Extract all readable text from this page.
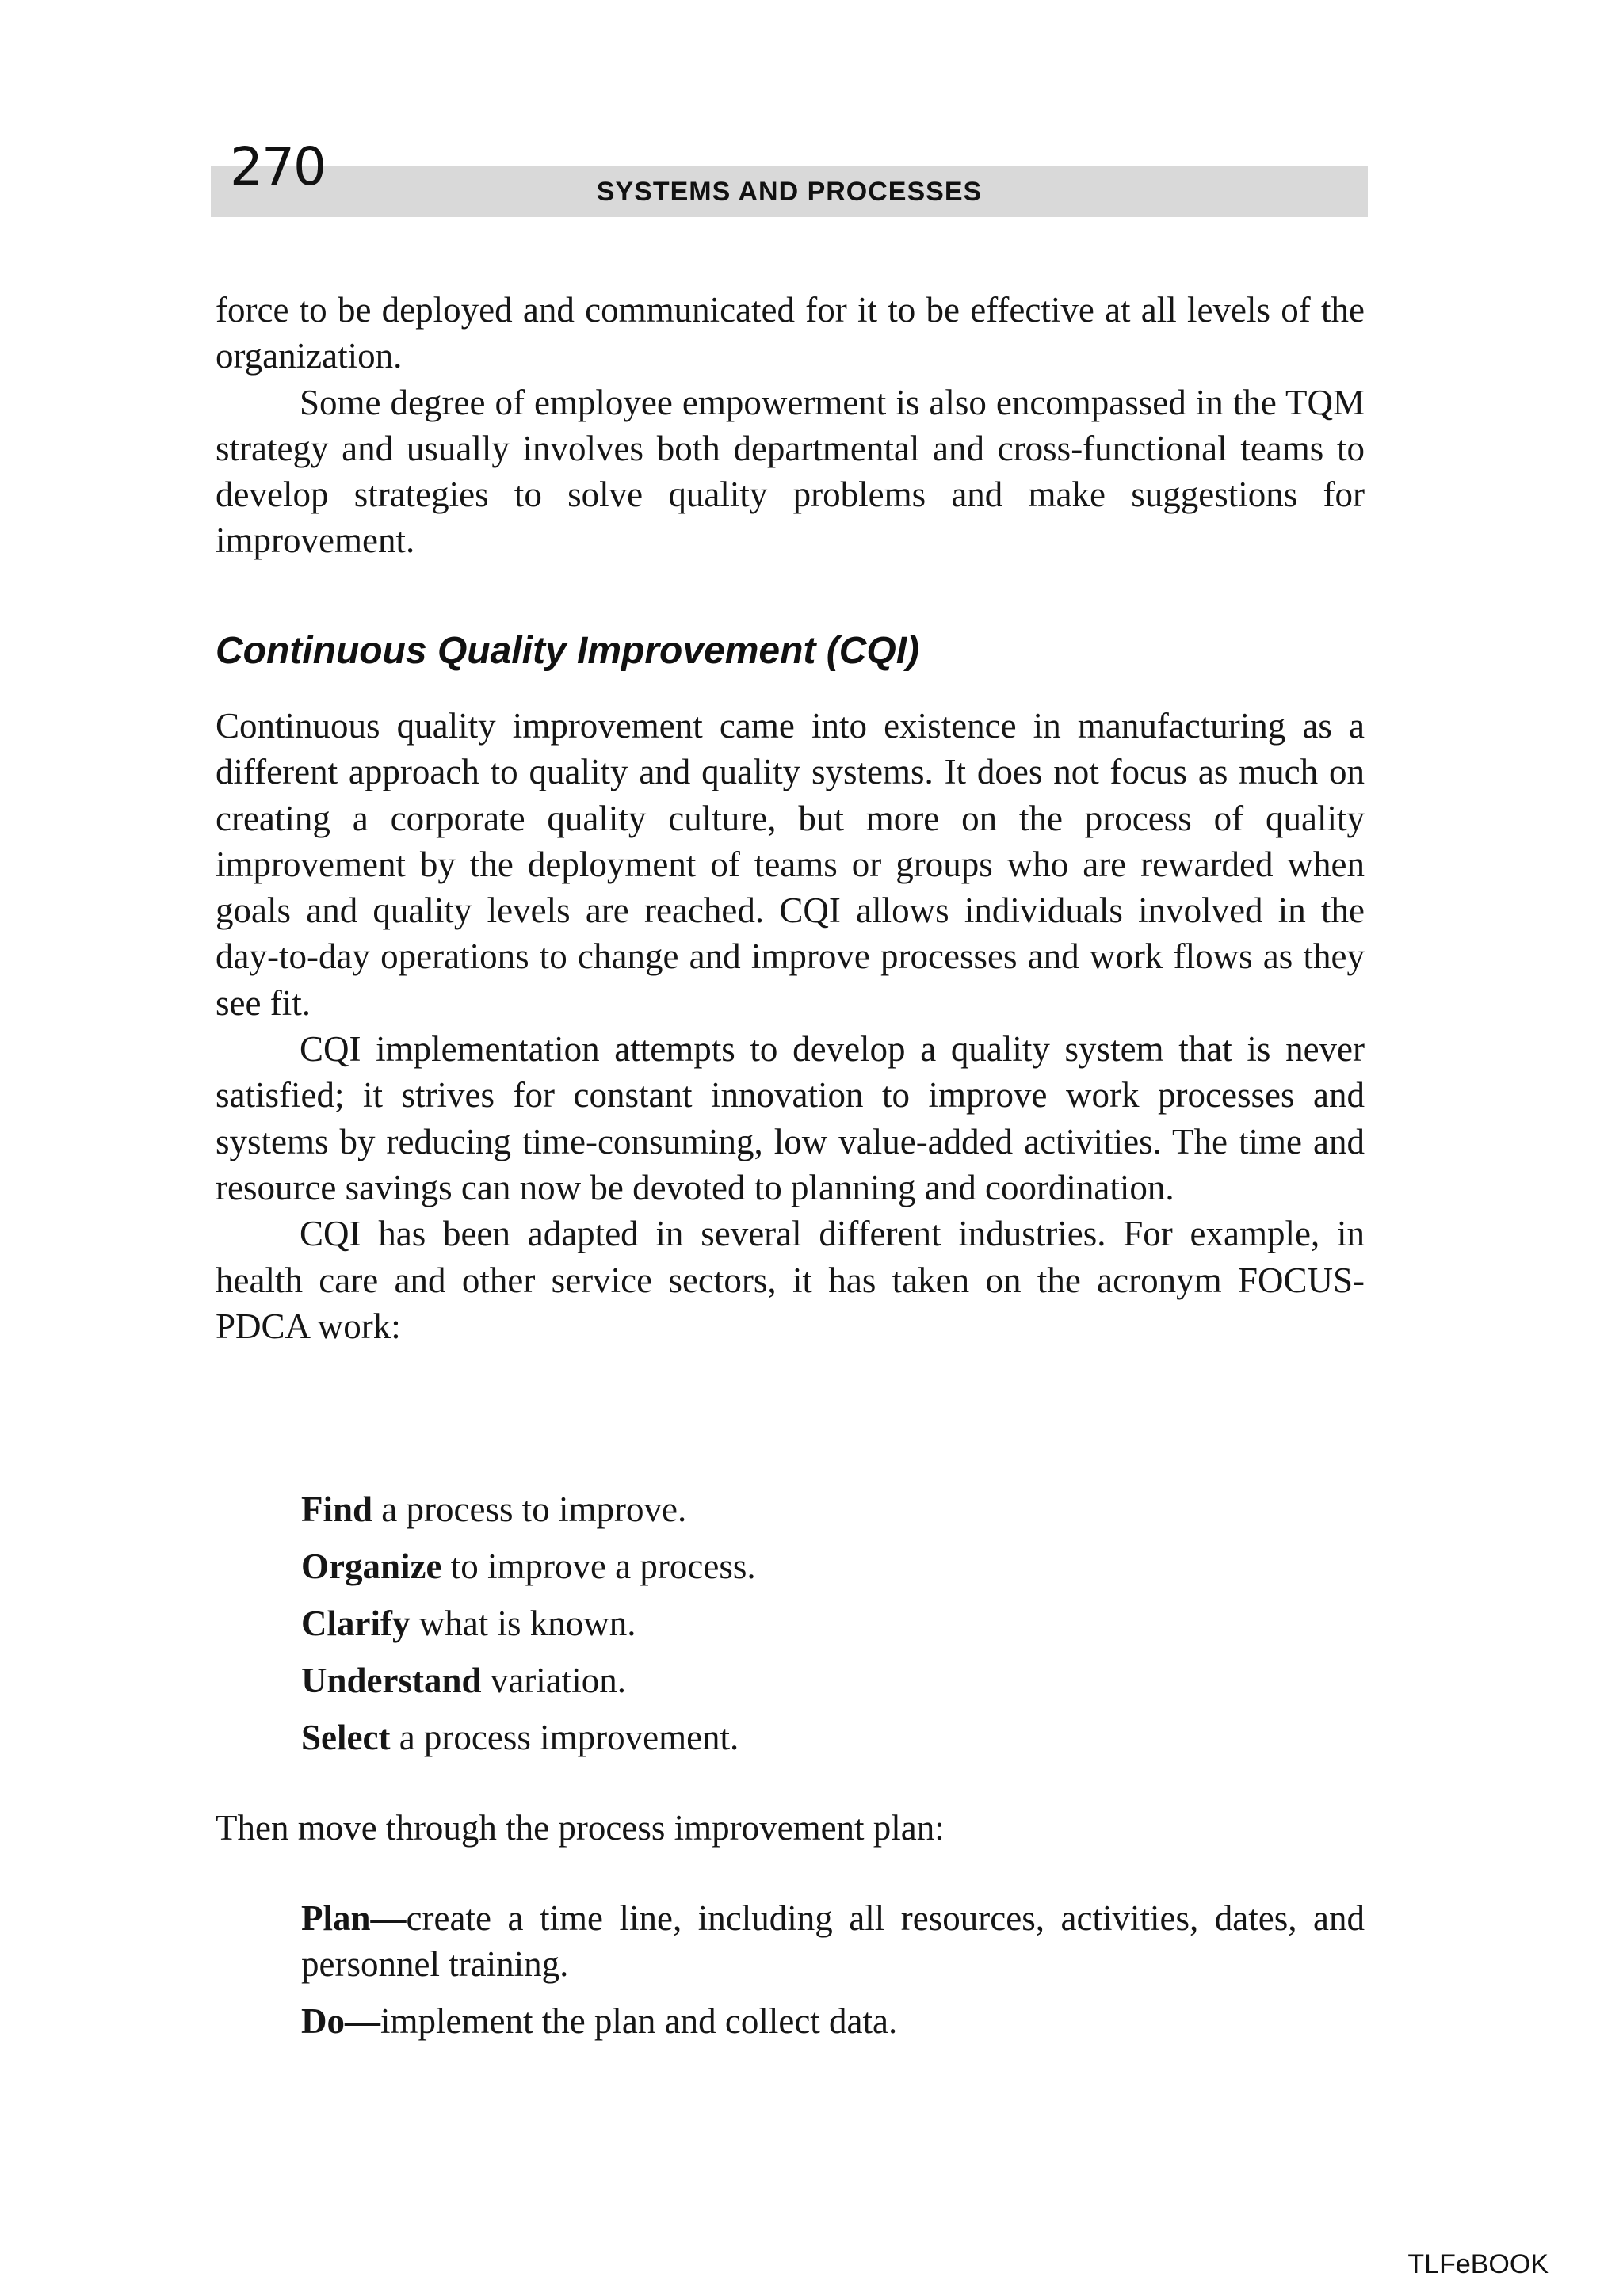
270	SYSTEMS AND PROCESSES

force to be deployed and communicated for it to be effective at all levels of the organization.

Some degree of employee empowerment is also encompassed in the TQM strategy and usually involves both departmental and cross-functional teams to develop strategies to solve quality problems and make suggestions for improvement.

Continuous Quality Improvement (CQI)

Continuous quality improvement came into existence in manufacturing as a different approach to quality and quality systems. It does not focus as much on creating a corporate quality culture, but more on the process of quality improvement by the deployment of teams or groups who are rewarded when goals and quality levels are reached. CQI allows individuals involved in the day-to-day operations to change and improve processes and work flows as they see fit.

CQI implementation attempts to develop a quality system that is never satisfied; it strives for constant innovation to improve work processes and systems by reducing time-consuming, low value-added activities. The time and resource savings can now be devoted to planning and coordination.

CQI has been adapted in several different industries. For example, in health care and other service sectors, it has taken on the acronym FOCUS-PDCA work:

Find a process to improve.
Organize to improve a process.
Clarify what is known.
Understand variation.
Select a process improvement.

Then move through the process improvement plan:

Plan—create a time line, including all resources, activities, dates, and personnel training.
Do—implement the plan and collect data.
TLFeBOOK
